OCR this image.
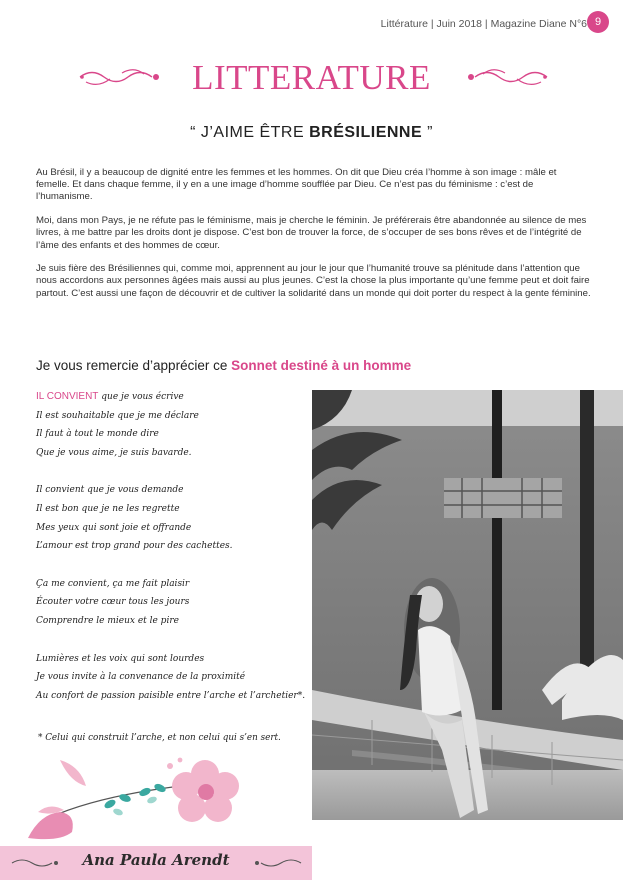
Littérature | Juin 2018 | Magazine Diane N°6 9
LITTERATURE
“ J’AIME ÊTRE BRÉSILIENNE ”

Au Brésil, il y a beaucoup de dignité entre les femmes et les hommes. On dit que Dieu créa l’homme à son image : mâle et femelle. Et dans chaque femme, il y en a une image d’homme soufflée par Dieu. Ce n’est pas du féminisme : c’est de l’humanisme.

Moi, dans mon Pays, je ne réfute pas le féminisme, mais je cherche le féminin. Je préférerais être abandonnée au silence de mes livres, à me battre par les droits dont je dispose. C’est bon de trouver la force, de s’occuper de ses bons rêves et de l’intégrité de l’âme des enfants et des hommes de cœur.

Je suis fière des Brésiliennes qui, comme moi, apprennent au jour le jour que l’humanité trouve sa plénitude dans l’attention que nous accordons aux personnes âgées mais aussi au plus jeunes. C’est la chose la plus importante qu’une femme peut et doit faire partout. C’est aussi une façon de découvrir et de cultiver la solidarité dans un monde qui doit porter du respect à la gente féminine.

Je vous remercie d’apprécier ce Sonnet destiné à un homme
IL CONVIENT que je vous écrive
Il est souhaitable que je me déclare
Il faut à tout le monde dire
Que je vous aime, je suis bavarde.
Il convient que je vous demande
Il est bon que je ne les regrette
Mes yeux qui sont joie et offrande
L’amour est trop grand pour des cachettes.
Ça me convient, ça me fait plaisir
Écouter votre cœur tous les jours
Comprendre le mieux et le pire
Lumières et les voix qui sont lourdes
Je vous invite à la convenance de la proximité
Au confort de passion paisible entre l’arche et l’archetier*.
* Celui qui construit l’arche, et non celui qui s’en sert.
Ana Paula Arendt
